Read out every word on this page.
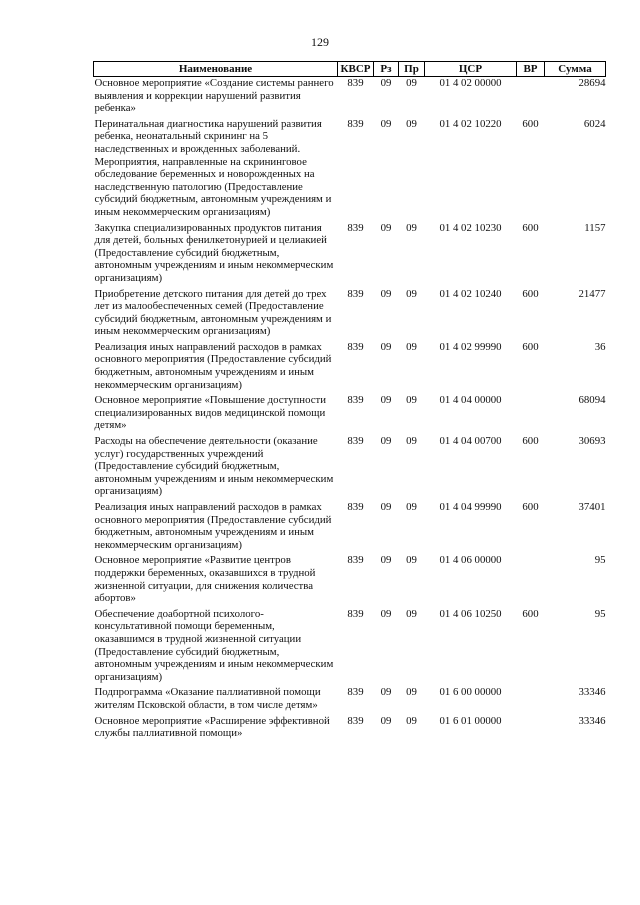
129
Наименование	КВСР	Рз	Пр	ЦСР	ВР	Сумма
Основное мероприятие «Создание системы раннего выявления и коррекции нарушений развития ребенка»	839	09	09	01 4 02 00000		28694
Перинатальная диагностика нарушений развития ребенка, неонатальный скрининг на 5 наследственных и врожденных заболеваний. Мероприятия, направленные на скрининговое обследование беременных и новорожденных на наследственную патологию (Предоставление субсидий бюджетным, автономным учреждениям и иным некоммерческим организациям)	839	09	09	01 4 02 10220	600	6024
Закупка специализированных продуктов питания для детей, больных фенилкетонурией и целиакией (Предоставление субсидий бюджетным, автономным учреждениям и иным некоммерческим организациям)	839	09	09	01 4 02 10230	600	1157
Приобретение детского питания для детей до трех лет из малообеспеченных семей (Предоставление субсидий бюджетным, автономным учреждениям и иным некоммерческим организациям)	839	09	09	01 4 02 10240	600	21477
Реализация иных направлений расходов в рамках основного мероприятия (Предоставление субсидий бюджетным, автономным учреждениям и иным некоммерческим организациям)	839	09	09	01 4 02 99990	600	36
Основное мероприятие «Повышение доступности специализированных видов медицинской помощи детям»	839	09	09	01 4 04 00000		68094
Расходы на обеспечение деятельности (оказание услуг) государственных учреждений (Предоставление субсидий бюджетным, автономным учреждениям и иным некоммерческим организациям)	839	09	09	01 4 04 00700	600	30693
Реализация иных направлений расходов в рамках основного мероприятия (Предоставление субсидий бюджетным, автономным учреждениям и иным некоммерческим организациям)	839	09	09	01 4 04 99990	600	37401
Основное мероприятие «Развитие центров поддержки беременных, оказавшихся в трудной жизненной ситуации, для снижения количества абортов»	839	09	09	01 4 06 00000		95
Обеспечение доабортной психолого-консультативной помощи беременным, оказавшимся в трудной жизненной ситуации (Предоставление субсидий бюджетным, автономным учреждениям и иным некоммерческим организациям)	839	09	09	01 4 06 10250	600	95
Подпрограмма «Оказание паллиативной помощи жителям Псковской области, в том числе детям»	839	09	09	01 6 00 00000		33346
Основное мероприятие «Расширение эффективной службы паллиативной помощи»	839	09	09	01 6 01 00000		33346
